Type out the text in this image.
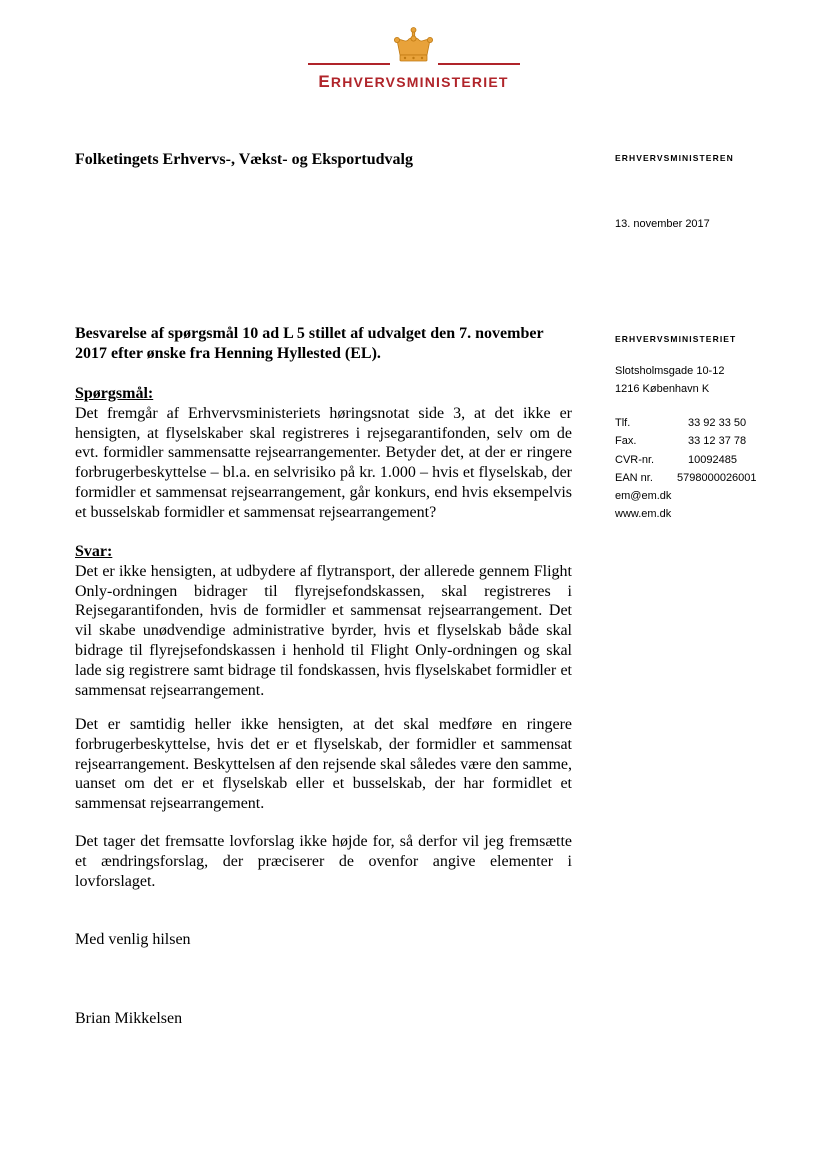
ERHVERVSMINISTERIET
Folketingets Erhvervs-, Vækst- og Eksportudvalg	ERHVERVSMINISTEREN
13. november 2017
ERHVERVSMINISTERIET
Slotsholmsgade 10-12
1216 København K
Tlf.	33 92 33 50
Fax.	33 12 37 78
CVR-nr.	10092485
EAN nr.	5798000026001
em@em.dk
www.em.dk

Besvarelse af spørgsmål 10 ad L 5 stillet af udvalget den 7. november 2017 efter ønske fra Henning Hyllested (EL).

Spørgsmål:

Det fremgår af Erhvervsministeriets høringsnotat side 3, at det ikke er hensigten, at flyselskaber skal registreres i rejsegarantifonden, selv om de evt. formidler sammensatte rejsearrangementer. Betyder det, at der er ringere forbrugerbeskyttelse – bl.a. en selvrisiko på kr. 1.000 – hvis et flyselskab, der formidler et sammensat rejsearrangement, går konkurs, end hvis eksempelvis et busselskab formidler et sammensat rejsearrangement?

Svar:

Det er ikke hensigten, at udbydere af flytransport, der allerede gennem Flight Only-ordningen bidrager til flyrejsefondskassen, skal registreres i Rejsegarantifonden, hvis de formidler et sammensat rejsearrangement. Det vil skabe unødvendige administrative byrder, hvis et flyselskab både skal bidrage til flyrejsefondskassen i henhold til Flight Only-ordningen og skal lade sig registrere samt bidrage til fondskassen, hvis flyselskabet formidler et sammensat rejsearrangement.

Det er samtidig heller ikke hensigten, at det skal medføre en ringere forbrugerbeskyttelse, hvis det er et flyselskab, der formidler et sammensat rejsearrangement. Beskyttelsen af den rejsende skal således være den samme, uanset om det er et flyselskab eller et busselskab, der har formidlet et sammensat rejsearrangement.

Det tager det fremsatte lovforslag ikke højde for, så derfor vil jeg fremsætte et ændringsforslag, der præciserer de ovenfor angive elementer i lovforslaget.

Med venlig hilsen
Brian Mikkelsen
